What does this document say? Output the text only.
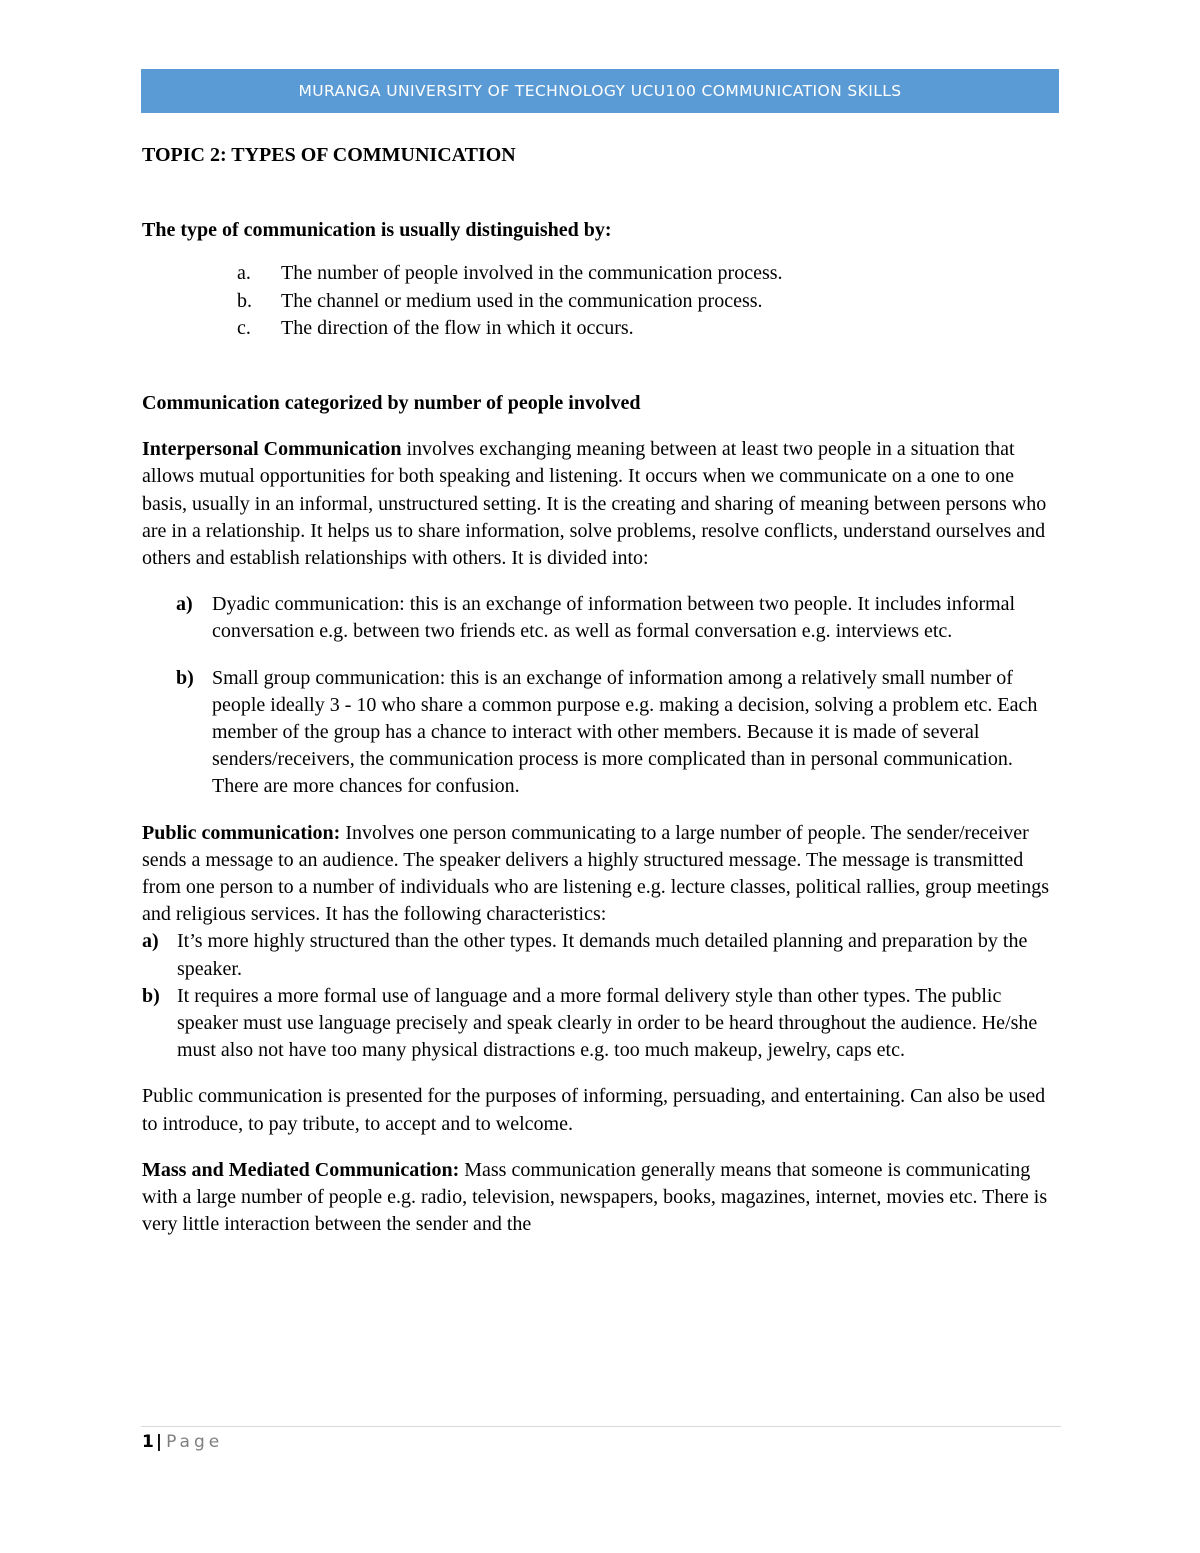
MURANGA UNIVERSITY OF TECHNOLOGY UCU100 COMMUNICATION SKILLS

TOPIC 2: TYPES OF COMMUNICATION

The type of communication is usually distinguished by:

a.	The number of people involved in the communication process.
b.	The channel or medium used in the communication process.
c.	The direction of the flow in which it occurs.

Communication categorized by number of people involved

Interpersonal Communication involves exchanging meaning between at least two people in a situation that allows mutual opportunities for both speaking and listening. It occurs when we communicate on a one to one basis, usually in an informal, unstructured setting. It is the creating and sharing of meaning between persons who are in a relationship. It helps us to share information, solve problems, resolve conflicts, understand ourselves and others and establish relationships with others. It is divided into:

a) Dyadic communication: this is an exchange of information between two people. It includes informal conversation e.g. between two friends etc. as well as formal conversation e.g. interviews etc.
b) Small group communication: this is an exchange of information among a relatively small number of people ideally 3 - 10 who share a common purpose e.g. making a decision, solving a problem etc. Each member of the group has a chance to interact with other members. Because it is made of several senders/receivers, the communication process is more complicated than in personal communication. There are more chances for confusion.

Public communication: Involves one person communicating to a large number of people. The sender/receiver sends a message to an audience. The speaker delivers a highly structured message. The message is transmitted from one person to a number of individuals who are listening e.g. lecture classes, political rallies, group meetings and religious services. It has the following characteristics:

a) It’s more highly structured than the other types. It demands much detailed planning and preparation by the speaker.
b) It requires a more formal use of language and a more formal delivery style than other types. The public speaker must use language precisely and speak clearly in order to be heard throughout the audience. He/she must also not have too many physical distractions e.g. too much makeup, jewelry, caps etc.

Public communication is presented for the purposes of informing, persuading, and entertaining. Can also be used to introduce, to pay tribute, to accept and to welcome.

Mass and Mediated Communication: Mass communication generally means that someone is communicating with a large number of people e.g. radio, television, newspapers, books, magazines, internet, movies etc. There is very little interaction between the sender and the

1 | Page
